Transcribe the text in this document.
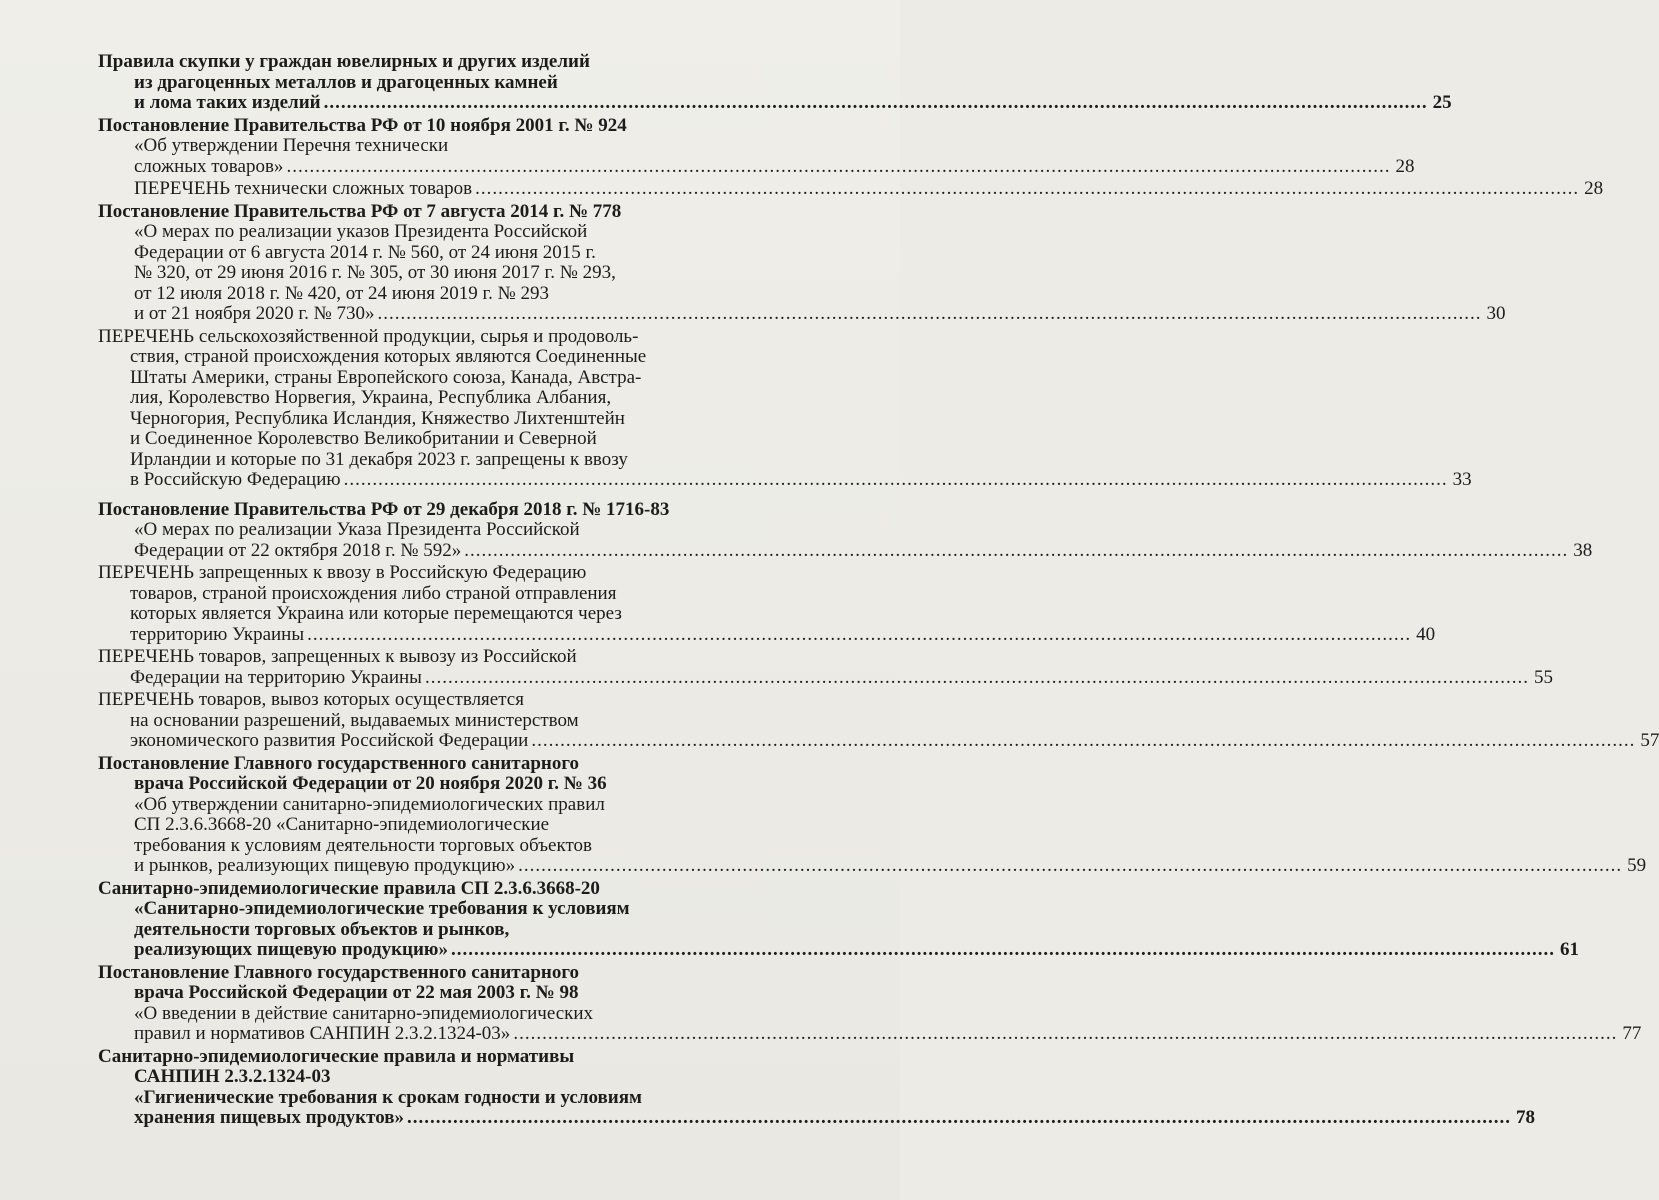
Правила скупки у граждан ювелирных и других изделий
из драгоценных металлов и драгоценных камней
и лома таких изделий .....	25
Постановление Правительства РФ от 10 ноября 2001 г. № 924
«Об утверждении Перечня технически
сложных товаров» .....	28
ПЕРЕЧЕНЬ технически сложных товаров .....	28
Постановление Правительства РФ от 7 августа 2014 г. № 778
«О мерах по реализации указов Президента Российской
Федерации от 6 августа 2014 г. № 560, от 24 июня 2015 г.
№ 320, от 29 июня 2016 г. № 305, от 30 июня 2017 г. № 293,
от 12 июля 2018 г. № 420, от 24 июня 2019 г. № 293
и от 21 ноября 2020 г. № 730» .....	30
ПЕРЕЧЕНЬ сельскохозяйственной продукции, сырья и продоволь-
ствия, страной происхождения которых являются Соединенные
Штаты Америки, страны Европейского союза, Канада, Австра-
лия, Королевство Норвегия, Украина, Республика Албания,
Черногория, Республика Исландия, Княжество Лихтенштейн
и Соединенное Королевство Великобритании и Северной
Ирландии и которые по 31 декабря 2023 г. запрещены к ввозу
в Российскую Федерацию .....	33
Постановление Правительства РФ от 29 декабря 2018 г. № 1716-83
«О мерах по реализации Указа Президента Российской
Федерации от 22 октября 2018 г. № 592» .....	38
ПЕРЕЧЕНЬ запрещенных к ввозу в Российскую Федерацию
товаров, страной происхождения либо страной отправления
которых является Украина или которые перемещаются через
территорию Украины .....	40
ПЕРЕЧЕНЬ товаров, запрещенных к вывозу из Российской
Федерации на территорию Украины .....	55
ПЕРЕЧЕНЬ товаров, вывоз которых осуществляется
на основании разрешений, выдаваемых министерством
экономического развития Российской Федерации .....	57
Постановление Главного государственного санитарного
врача Российской Федерации от 20 ноября 2020 г. № 36
«Об утверждении санитарно-эпидемиологических правил
СП 2.3.6.3668-20 «Санитарно-эпидемиологические
требования к условиям деятельности торговых объектов
и рынков, реализующих пищевую продукцию» .....	59
Санитарно-эпидемиологические правила СП 2.3.6.3668-20
«Санитарно-эпидемиологические требования к условиям
деятельности торговых объектов и рынков,
реализующих пищевую продукцию» .....	61
Постановление Главного государственного санитарного
врача Российской Федерации от 22 мая 2003 г. № 98
«О введении в действие санитарно-эпидемиологических
правил и нормативов САНПИН 2.3.2.1324-03» .....	77
Санитарно-эпидемиологические правила и нормативы
САНПИН 2.3.2.1324-03
«Гигиенические требования к срокам годности и условиям
хранения пищевых продуктов» .....	78
